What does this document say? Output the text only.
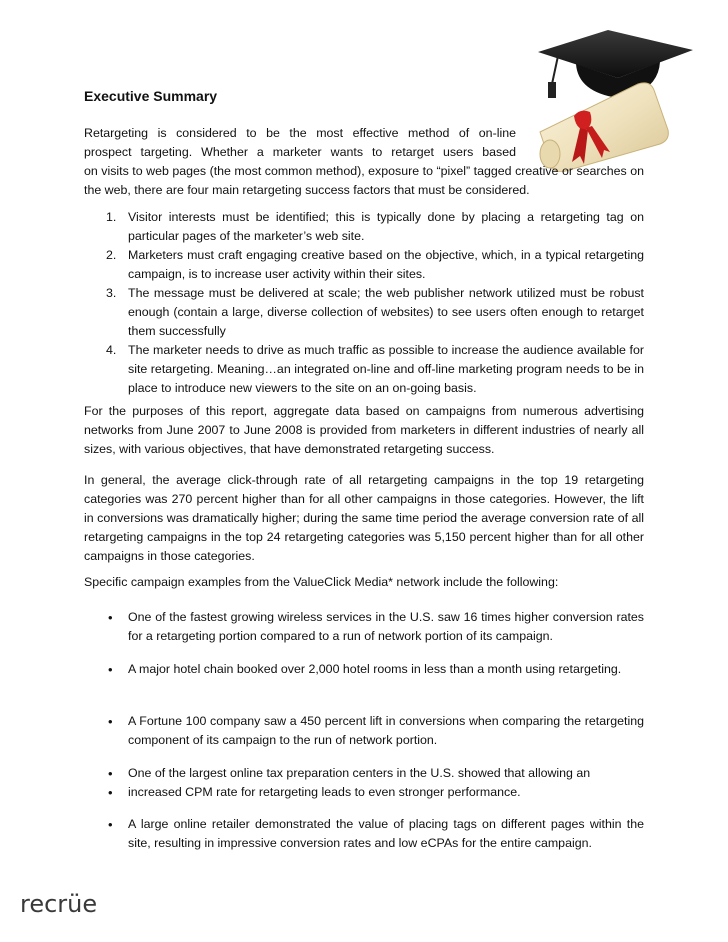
Executive Summary
Retargeting is considered to be the most effective method of on-line
prospect targeting. Whether a marketer wants to retarget users based
on visits to web pages (the most common method), exposure to “pixel” tagged creative or searches on the web, there are four main retargeting success factors that must be considered.
1. Visitor interests must be identified; this is typically done by placing a retargeting tag on particular pages of the marketer’s web site.
2. Marketers must craft engaging creative based on the objective, which, in a typical retargeting campaign, is to increase user activity within their sites.
3. The message must be delivered at scale; the web publisher network utilized must be robust enough (contain a large, diverse collection of websites) to see users often enough to retarget them successfully
4. The marketer needs to drive as much traffic as possible to increase the audience available for site retargeting. Meaning…an integrated on-line and off-line marketing program needs to be in place to introduce new viewers to the site on an on-going basis.
For the purposes of this report, aggregate data based on campaigns from numerous advertising networks from June 2007 to June 2008 is provided from marketers in different industries of nearly all sizes, with various objectives, that have demonstrated retargeting success.
In general, the average click-through rate of all retargeting campaigns in the top 19 retargeting categories was 270 percent higher than for all other campaigns in those categories. However, the lift in conversions was dramatically higher; during the same time period the average conversion rate of all retargeting campaigns in the top 24 retargeting categories was 5,150 percent higher than for all other campaigns in those categories.
Specific campaign examples from the ValueClick Media* network include the following:
• One of the fastest growing wireless services in the U.S. saw 16 times higher conversion rates for a retargeting portion compared to a run of network portion of its campaign.
• A major hotel chain booked over 2,000 hotel rooms in less than a month using retargeting.
• A Fortune 100 company saw a 450 percent lift in conversions when comparing the retargeting component of its campaign to the run of network portion.
• One of the largest online tax preparation centers in the U.S. showed that allowing an
• increased CPM rate for retargeting leads to even stronger performance.
• A large online retailer demonstrated the value of placing tags on different pages within the site, resulting in impressive conversion rates and low eCPAs for the entire campaign.
recrüe
